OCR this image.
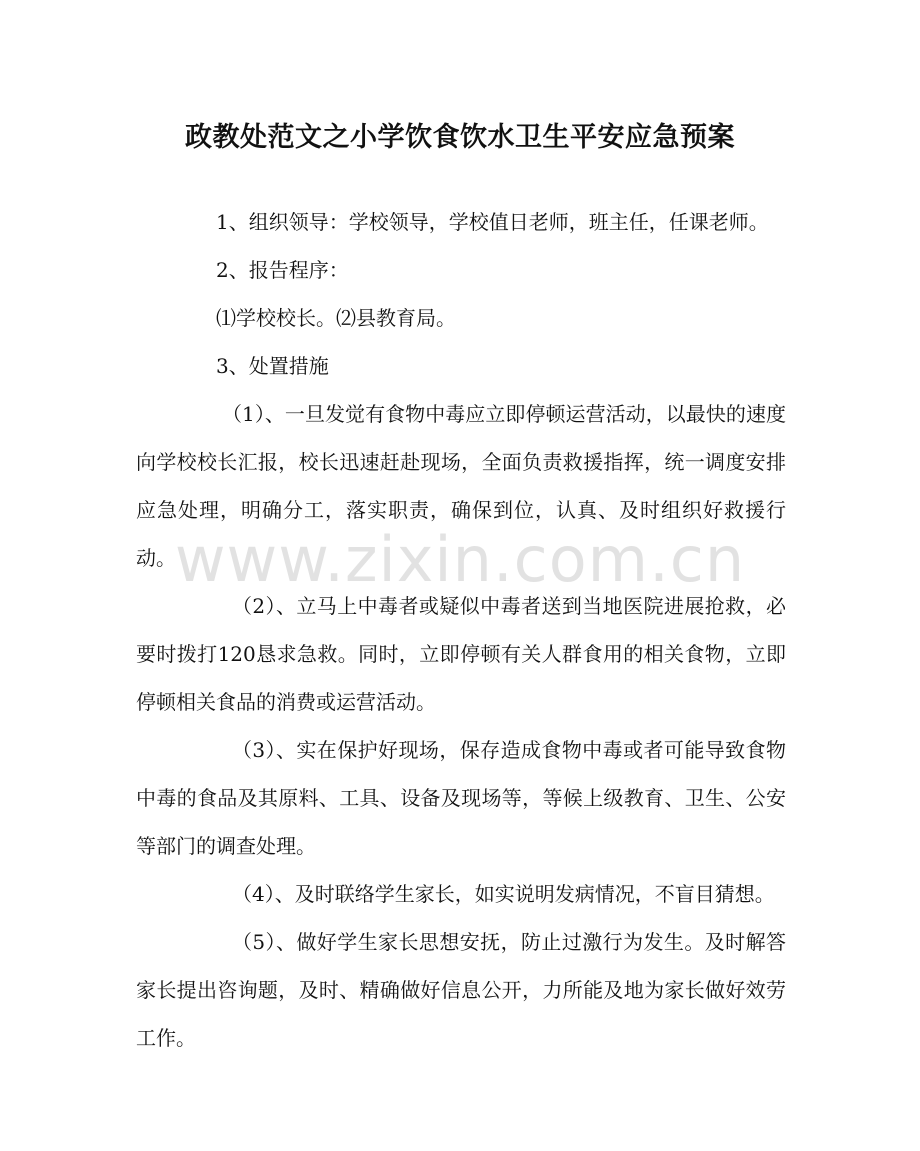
政教处范文之小学饮食饮水卫生平安应急预案

1、组织领导：学校领导，学校值日老师，班主任，任课老师。

2、报告程序：

⑴学校校长。⑵县教育局。

3、处置措施

（1）、一旦发觉有食物中毒应立即停顿运营活动，以最快的速度向学校校长汇报，校长迅速赶赴现场，全面负责救援指挥，统一调度安排应急处理，明确分工，落实职责，确保到位，认真、及时组织好救援行动。

（2）、立马上中毒者或疑似中毒者送到当地医院进展抢救，必要时拨打120恳求急救。同时，立即停顿有关人群食用的相关食物，立即停顿相关食品的消费或运营活动。

（3）、实在保护好现场，保存造成食物中毒或者可能导致食物中毒的食品及其原料、工具、设备及现场等，等候上级教育、卫生、公安等部门的调查处理。

（4）、及时联络学生家长，如实说明发病情况，不盲目猜想。

（5）、做好学生家长思想安抚，防止过激行为发生。及时解答家长提出咨询题，及时、精确做好信息公开，力所能及地为家长做好效劳工作。

www.zixin.com.cn
